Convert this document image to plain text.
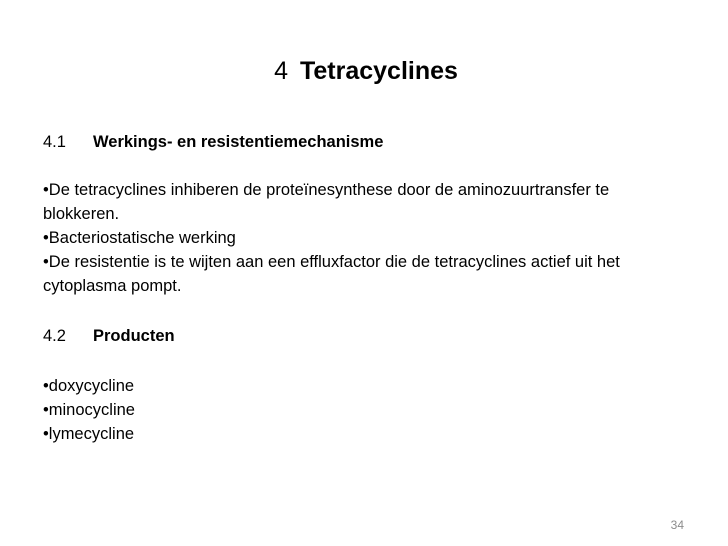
4 Tetracyclines
4.1	Werkings- en resistentiemechanisme

•De tetracyclines inhiberen de proteïnesynthese door de aminozuurtransfer te blokkeren.

•Bacteriostatische werking

•De resistentie is te wijten aan een effluxfactor die de tetracyclines actief uit het cytoplasma pompt.

4.2	Producten

•doxycycline

•minocycline

•lymecycline

34
